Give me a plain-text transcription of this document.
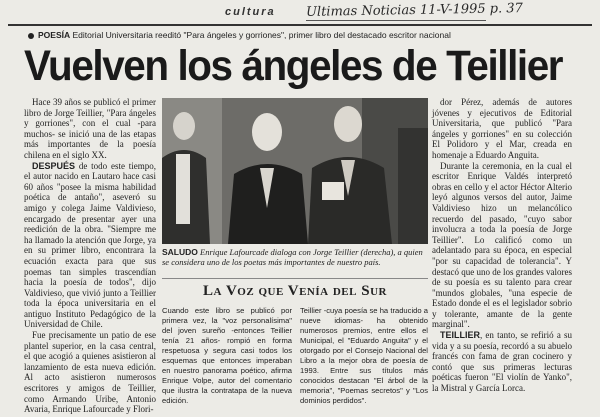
cultura Ultimas Noticias 11-V-1995 p. 37
POESÍA Editorial Universitaria reeditó "Para ángeles y gorriones", primer libro del destacado escritor nacional
Vuelven los ángeles de Teillier

Hace 39 años se publicó el primer libro de Jorge Teillier, "Para ángeles y gorriones", con el cual -para muchos- se inició una de las etapas más importantes de la poesía chilena en el siglo XX.

DESPUÉS de todo este tiempo, el autor nacido en Lautaro hace casi 60 años "posee la misma habilidad poética de antaño", aseveró su amigo y colega Jaime Valdivieso, encargado de presentar ayer una reedición de la obra. "Siempre me ha llamado la atención que Jorge, ya en su primer libro, encontrara la ecuación exacta para que sus poemas tan simples trascendían hacia la poesía de todos", dijo Valdivieso, que vivió junto a Teillier toda la época universitaria en el antiguo Instituto Pedagógico de la Universidad de Chile.

Fue precisamente un patio de ese plantel superior, en la casa central, el que acogió a quienes asistieron al lanzamiento de esta nueva edición. Al acto asistieron numerosos escritores y amigos de Teillier, como Armando Uribe, Antonio Avaria, Enrique Lafourcade y Flori-

SALUDO Enrique Lafourcade dialoga con Jorge Teillier (derecha), a quien se considera uno de los poetas más importantes de nuestro país.
La Voz que Venía del Sur

Cuando este libro se publicó por primera vez, la "voz personalísima" del joven sureño -entonces Teillier tenía 21 años- rompió en forma respetuosa y segura casi todos los esquemas que entonces imperaban en nuestro panorama poético, afirma Enrique Volpe, autor del comentario que ilustra la contratapa de la nueva edición.

Teillier -cuya poesía se ha traducido a nueve idiomas- ha obtenido numerosos premios, entre ellos el Municipal, el "Eduardo Anguita" y el otorgado por el Consejo Nacional del Libro a la mejor obra de poesía de 1993. Entre sus títulos más conocidos destacan "El árbol de la memoria", "Poemas secretos" y "Los dominios perdidos".

dor Pérez, además de autores jóvenes y ejecutivos de Editorial Universitaria, que publicó "Para ángeles y gorriones" en su colección El Polidoro y el Mar, creada en homenaje a Eduardo Anguita.

Durante la ceremonia, en la cual el escritor Enrique Valdés interpretó obras en cello y el actor Héctor Alterio leyó algunos versos del autor, Jaime Valdivieso hizo un melancólico recuerdo del pasado, "cuyo sabor involucra a toda la poesía de Jorge Teillier". Lo calificó como un adelantado para su época, en especial "por su capacidad de tolerancia". Y destacó que uno de los grandes valores de su poesía es su talento para crear "mundos globales, "una especie de Estado donde el es el legislador sobrio y tolerante, amante de la gente marginal".

TEILLIER, en tanto, se refirió a su vida y a su poesía, recordó a su abuelo francés con fama de gran cocinero y contó que sus primeras lecturas poéticas fueron "El violín de Yanko", la Mistral y García Lorca.
